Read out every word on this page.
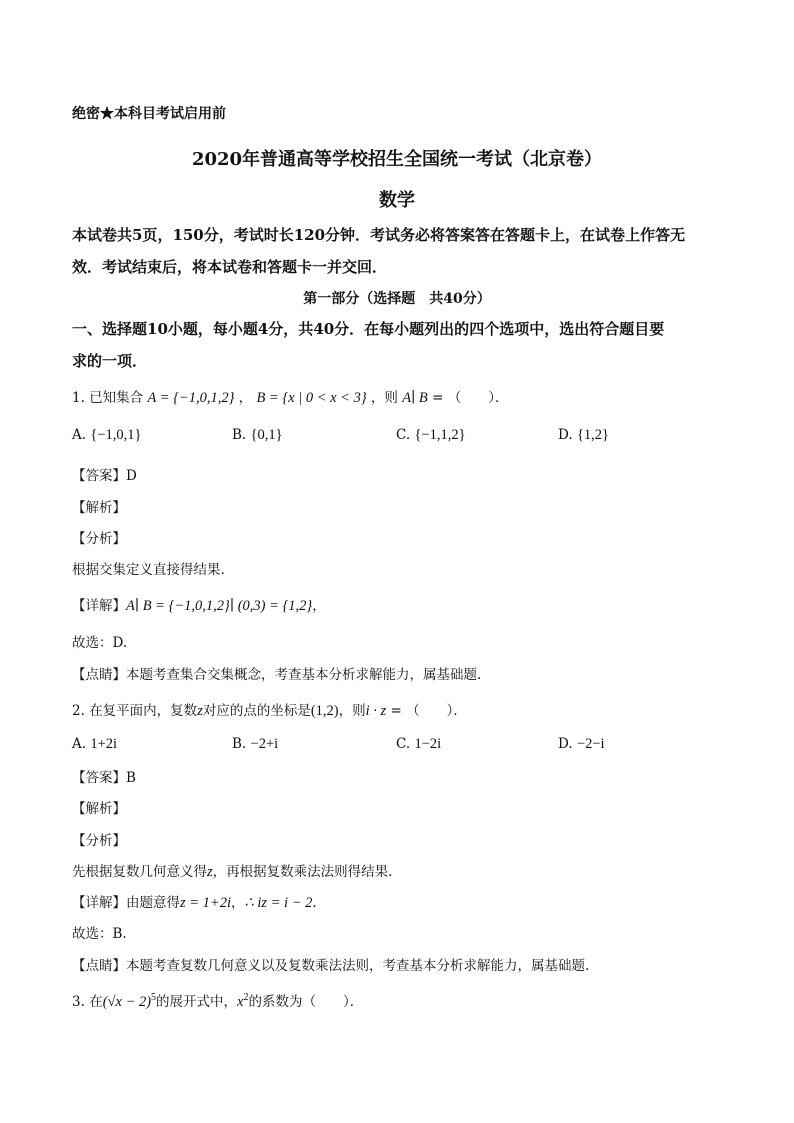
绝密★本科目考试启用前
2020年普通高等学校招生全国统一考试（北京卷）
数学
本试卷共5页，150分，考试时长120分钟．考试务必将答案答在答题卡上，在试卷上作答无
效．考试结束后，将本试卷和答题卡一并交回．
第一部分（选择题　共40分）
一、选择题10小题，每小题4分，共40分．在每小题列出的四个选项中，选出符合题目要
求的一项．
1. 已知集合 A = {−1,0,1,2} ， B = {x | 0 < x < 3} ，则 A∣ B = （　　）．
A. {−1,0,1}	B. {0,1}	C. {−1,1,2}	D. {1,2}
【答案】D
【解析】
【分析】
根据交集定义直接得结果.
【详解】A∣ B = {−1,0,1,2}∣ (0,3) = {1,2}，
故选：D.
【点睛】本题考查集合交集概念，考查基本分析求解能力，属基础题.
2. 在复平面内，复数z对应的点的坐标是(1,2)，则i · z = （　　）．
A. 1+2i	B. −2+i	C. 1−2i	D. −2−i
【答案】B
【解析】
【分析】
先根据复数几何意义得z，再根据复数乘法法则得结果.
【详解】由题意得z = 1+2i，∴ iz = i − 2.
故选：B.
【点睛】本题考查复数几何意义以及复数乘法法则，考查基本分析求解能力，属基础题.
3. 在$(√x - 2)^5$的展开式中，$x^2$的系数为（　　）．
